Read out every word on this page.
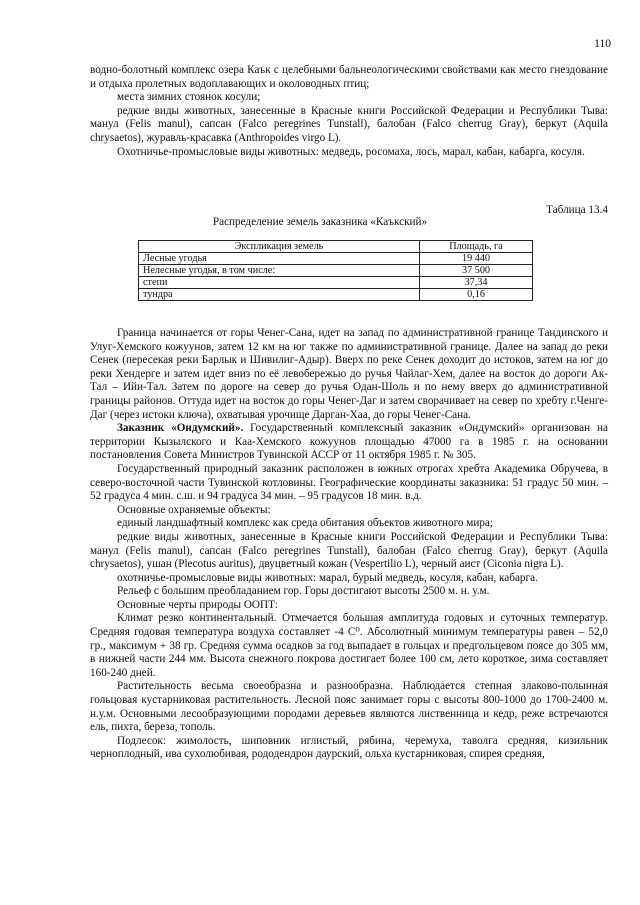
110

водно-болотный комплекс озера Каък с целебными бальнеологическими свойствами как место гнездование и отдыха пролетных водоплавающих и околоводных птиц;

места зимних стоянок косули;

редкие виды животных, занесенные в Красные книги Российской Федерации и Республики Тыва: манул (Felis manul), сапсан (Falco peregrines Tunstall), балобан (Falco cherrug Gray), беркут (Aquila chrysaetos), журавль-красавка (Anthropoides virgo L).

Охотничье-промысловые виды животных: медведь, росомаха, лось, марал, кабан, кабарга, косуля.

Таблица 13.4
Распределение земель заказника «Каъкский»
Экспликация земель	Площадь, га
Лесные угодья	19 440
Нелесные угодья, в том числе:	37 500
степи	37,34
тундра	0,16

Граница начинается от горы Ченег-Сана, идет на запад по административной границе Тандинского и Улуг-Хемского кожуунов, затем 12 км на юг также по административной границе. Далее на запад до реки Сенек (пересекая реки Барлык и Шивилиг-Адыр). Вверх по реке Сенек доходит до истоков, затем на юг до реки Хендерге и затем идет вниз по её левобережью до ручья Чайлаг-Хем, далее на восток до дороги Ак-Тал – Ийи-Тал. Затем по дороге на север до ручья Одан-Шоль и по нему вверх до административной границы районов. Оттуда идет на восток до горы Ченег-Даг и затем сворачивает на север по хребту г.Ченге-Даг (через истоки ключа), охватывая урочище Дарган-Хаа, до горы Ченег-Сана.

Заказник «Ондумский». Государственный комплексный заказник «Ондумский» организован на территории Кызылского и Каа-Хемского кожуунов площадью 47000 га в 1985 г. на основании постановления Совета Министров Тувинской АССР от 11 октября 1985 г. № 305.

Государственный природный заказник расположен в южных отрогах хребта Академика Обручева, в северо-восточной части Тувинской котловины. Географические координаты заказника: 51 градус 50 мин. – 52 градуса 4 мин. с.ш. и 94 градуса 34 мин. – 95 градусов 18 мин. в.д.

Основные охраняемые объекты:

единый ландшафтный комплекс как среда обитания объектов животного мира;

редкие виды животных, занесенные в Красные книги Российской Федерации и Республики Тыва: манул (Felis manul), сапсан (Falco peregrines Tunstall), балобан (Falco cherrug Gray), беркут (Aquila chrysaetos), ушан (Plecotus auritus), двуцветный кожан (Vespertilio L), черный аист (Ciconia nigra L).

охотничье-промысловые виды животных: марал, бурый медведь, косуля, кабан, кабарга.

Рельеф с большим преобладанием гор. Горы достигают высоты 2500 м. н. у.м.

Основные черты природы ООПТ:

Климат резко континентальный. Отмечается большая амплитуда годовых и суточных температур. Средняя годовая температура воздуха составляет -4 С⁰. Абсолютный минимум температуры равен – 52,0 гр., максимум + 38 гр. Средняя сумма осадков за год выпадает в гольцах и предгольцевом поясе до 305 мм, в нижней части 244 мм. Высота снежного покрова достигает более 100 см, лето короткое, зима составляет 160-240 дней.

Растительность весьма своеобразна и разнообразна. Наблюдается степная злаково-полынная гольцовая кустарниковая растительность. Лесной пояс занимает горы с высоты 800-1000 до 1700-2400 м. н.у.м. Основными лесообразующими породами деревьев являются лиственница и кедр, реже встречаются ель, пихта, береза, тополь.

Подлесок: жимолость, шиповник иглистый, рябина, черемуха, таволга средняя, кизильник черноплодный, ива сухолюбивая, рододендрон даурский, ольха кустарниковая, спирея средняя,
